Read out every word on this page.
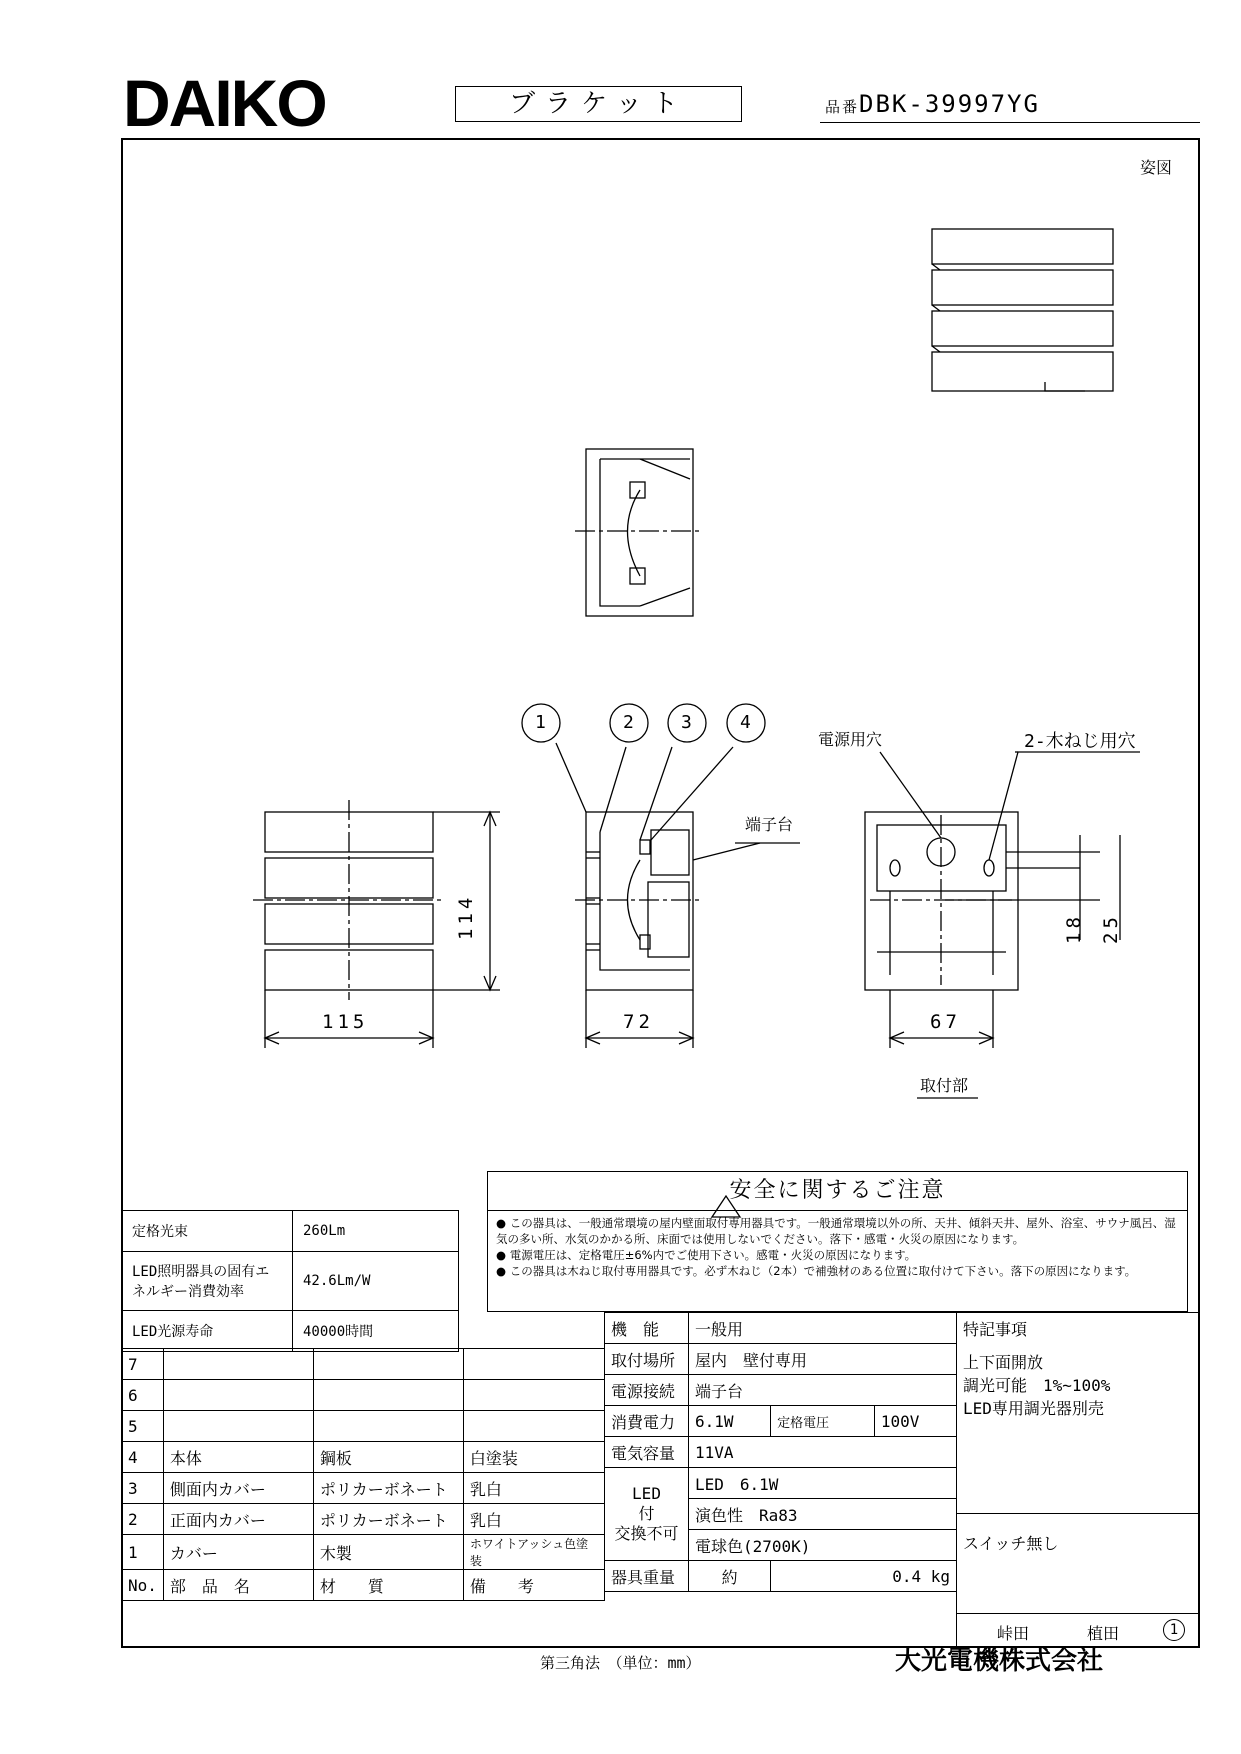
DAIKO	ブラケット	品番DBK-39997YG
姿図
1	2	3	4
端子台
電源用穴	2-木ねじ用穴
取付部
114
115	72	67
18 25
安全に関するご注意
● この器具は、一般通常環境の屋内壁面取付専用器具です。一般通常環境以外の所、天井、傾斜天井、屋外、浴室、サウナ風呂、湿気の多い所、水気のかかる所、床面では使用しないでください。落下・感電・火災の原因になります。
● 電源電圧は、定格電圧±6%内でご使用下さい。感電・火災の原因になります。
● この器具は木ねじ取付専用器具です。必ず木ねじ（2本）で補強材のある位置に取付けて下さい。落下の原因になります。
定格光束	260Lm
LED照明器具の固有エネルギー消費効率	42.6Lm/W
LED光源寿命	40000時間
7			
6			
5			
4	本体	鋼板	白塗装
3	側面内カバー	ポリカーボネート	乳白
2	正面内カバー	ポリカーボネート	乳白
1	カバー	木製	ホワイトアッシュ色塗装
No.	部　品　名	材　　質	備　　考
機　能	一般用		
取付場所	屋内　壁付専用		
電源接続	端子台		
消費電力	6.1W	定格電圧	100V
電気容量	11VA		
LED
付
交換不可	LED　6.1W		
	演色性　Ra83		
	電球色(2700K)		
器具重量	約	0.4 kg	
特記事項
上下面開放
調光可能　1%~100%
LED専用調光器別売
スイッチ無し
峠田	植田	1
第三角法　（単位：mm）	大光電機株式会社
